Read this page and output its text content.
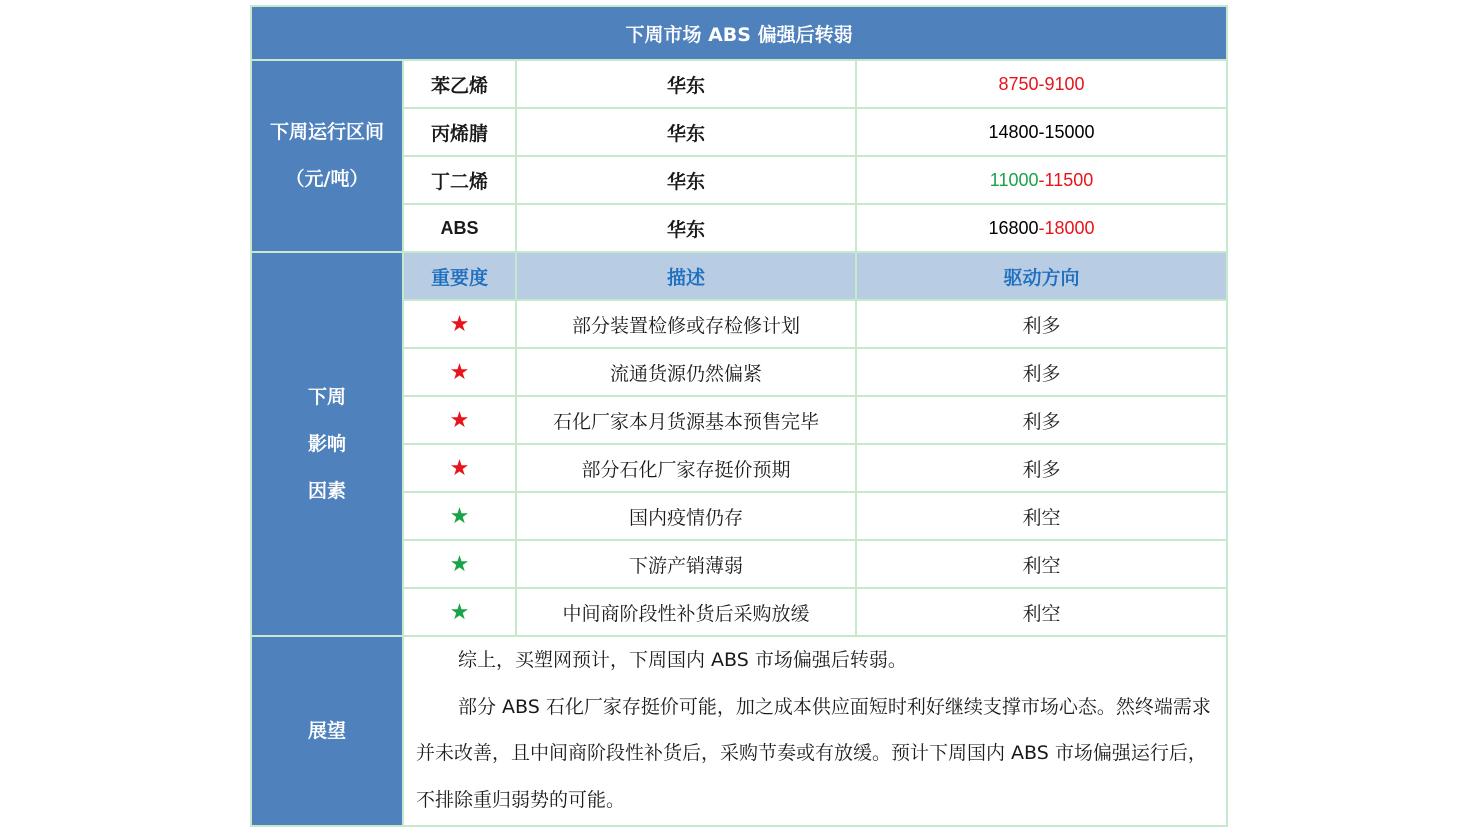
下周市场 ABS 偏强后转弱			

下周运行区间
（元/吨）	苯乙烯	华东	8750-9100
	丙烯腈	华东	14800-15000
	丁二烯	华东	11000-11500
	ABS	华东	16800-18000

下周
影响
因素	重要度	描述	驱动方向
	★	部分装置检修或存检修计划	利多
	★	流通货源仍然偏紧	利多
	★	石化厂家本月货源基本预售完毕	利多
	★	部分石化厂家存挺价预期	利多
	★	国内疫情仍存	利空
	★	下游产销薄弱	利空
	★	中间商阶段性补货后采购放缓	利空
展望	综上，买塑网预计，下周国内 ABS 市场偏强后转弱。

部分 ABS 石化厂家存挺价可能，加之成本供应面短时利好继续支撑市场心态。然终端需求并未改善，且中间商阶段性补货后，采购节奏或有放缓。预计下周国内 ABS 市场偏强运行后，不排除重归弱势的可能。		
